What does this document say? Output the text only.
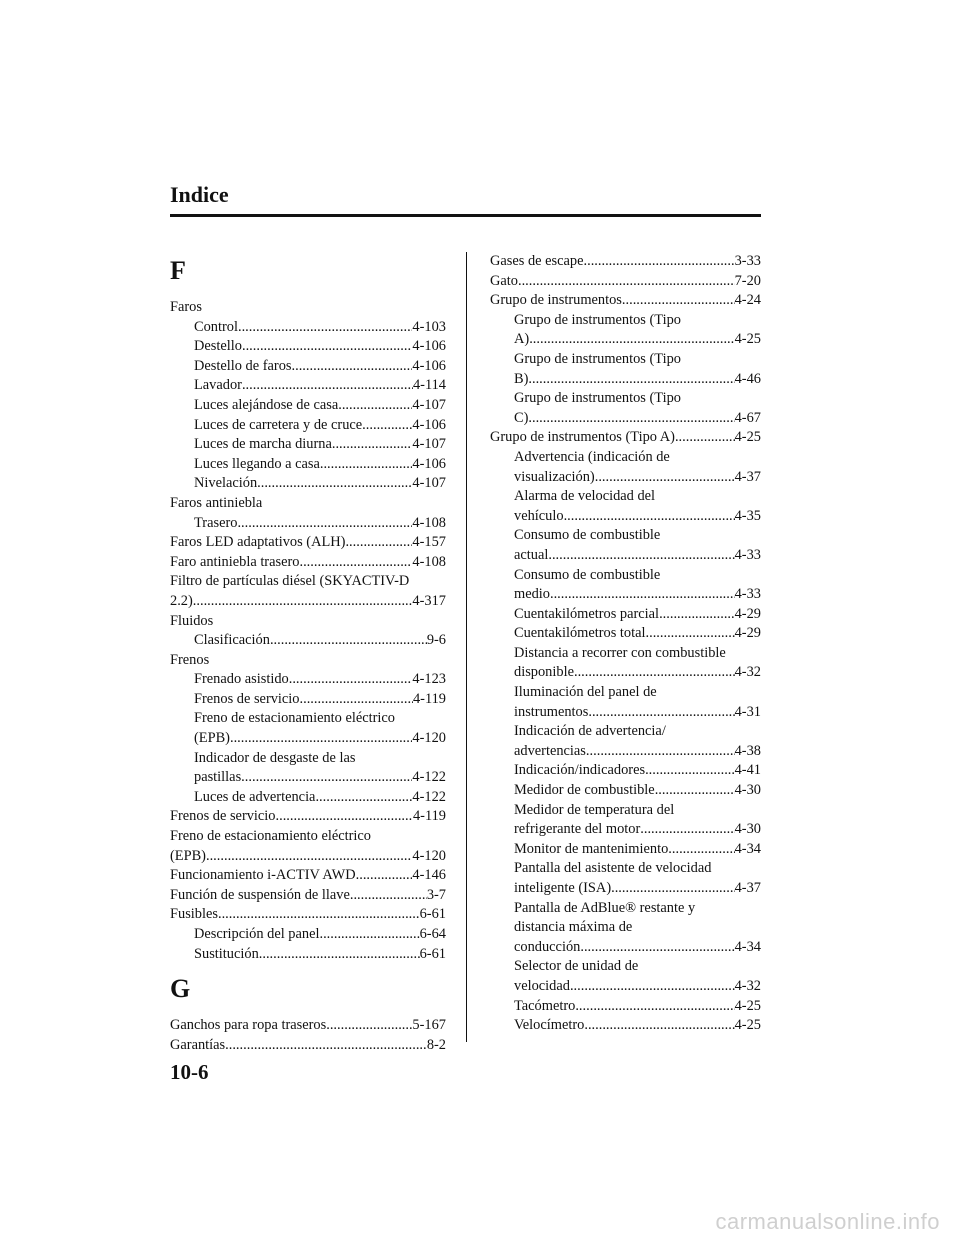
Indice
F
Faros
Control .....	4-103
Destello .....	4-106
Destello de faros .....	4-106
Lavador .....	4-114
Luces alejándose de casa .....	4-107
Luces de carretera y de cruce .....	4-106
Luces de marcha diurna .....	4-107
Luces llegando a casa .....	4-106
Nivelación .....	4-107
Faros antiniebla
Trasero .....	4-108
Faros LED adaptativos (ALH) .....	4-157
Faro antiniebla trasero .....	4-108
Filtro de partículas diésel (SKYACTIV-D
2.2) .....	4-317
Fluidos
Clasificación .....	9-6
Frenos
Frenado asistido .....	4-123
Frenos de servicio .....	4-119
Freno de estacionamiento eléctrico
(EPB) .....	4-120
Indicador de desgaste de las
pastillas .....	4-122
Luces de advertencia .....	4-122
Frenos de servicio .....	4-119
Freno de estacionamiento eléctrico
(EPB) .....	4-120
Funcionamiento i-ACTIV AWD .....	4-146
Función de suspensión de llave .....	3-7
Fusibles .....	6-61
Descripción del panel .....	6-64
Sustitución .....	6-61
G
Ganchos para ropa traseros .....	5-167
Garantías .....	8-2
Gases de escape .....	3-33
Gato .....	7-20
Grupo de instrumentos .....	4-24
Grupo de instrumentos (Tipo
A) .....	4-25
Grupo de instrumentos (Tipo
B) .....	4-46
Grupo de instrumentos (Tipo
C) .....	4-67
Grupo de instrumentos (Tipo A) .....	4-25
Advertencia (indicación de
visualización) .....	4-37
Alarma de velocidad del
vehículo .....	4-35
Consumo de combustible
actual .....	4-33
Consumo de combustible
medio .....	4-33
Cuentakilómetros parcial .....	4-29
Cuentakilómetros total .....	4-29
Distancia a recorrer con combustible
disponible .....	4-32
Iluminación del panel de
instrumentos .....	4-31
Indicación de advertencia/
advertencias .....	4-38
Indicación/indicadores .....	4-41
Medidor de combustible .....	4-30
Medidor de temperatura del
refrigerante del motor .....	4-30
Monitor de mantenimiento .....	4-34
Pantalla del asistente de velocidad
inteligente (ISA) .....	4-37
Pantalla de AdBlue® restante y
distancia máxima de
conducción .....	4-34
Selector de unidad de
velocidad .....	4-32
Tacómetro .....	4-25
Velocímetro .....	4-25
10-6
carmanualsonline.info
